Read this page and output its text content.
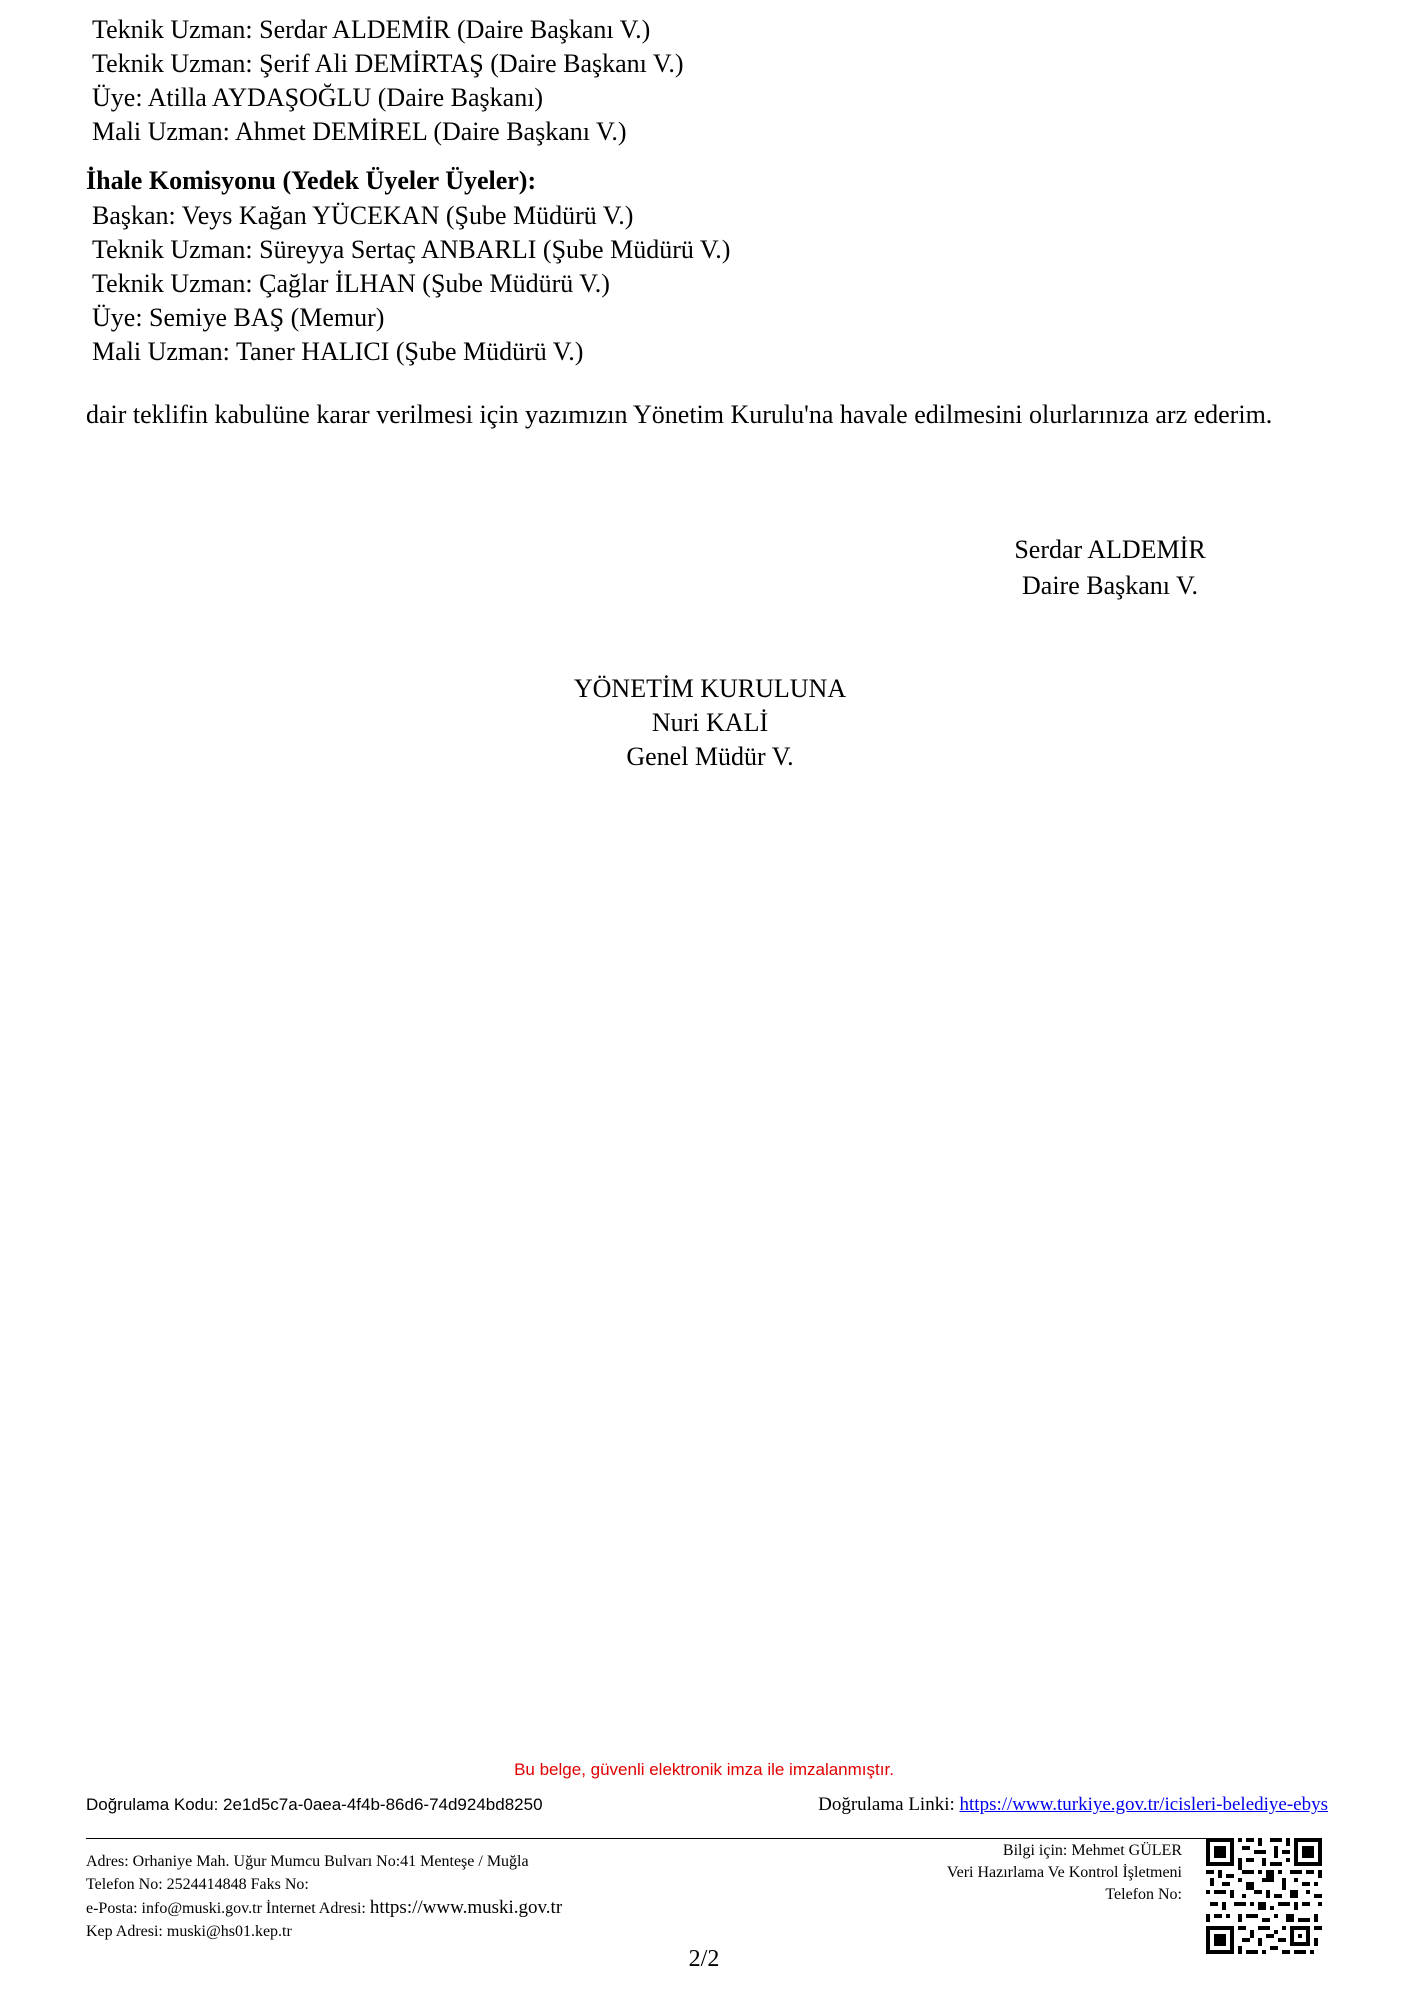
Teknik Uzman: Serdar ALDEMİR (Daire Başkanı V.)
Teknik Uzman: Şerif Ali DEMİRTAŞ (Daire Başkanı V.)
Üye: Atilla AYDAŞOĞLU (Daire Başkanı)
Mali Uzman: Ahmet DEMİREL (Daire Başkanı V.)
İhale Komisyonu (Yedek Üyeler Üyeler):
Başkan: Veys Kağan YÜCEKAN (Şube Müdürü V.)
Teknik Uzman: Süreyya Sertaç ANBARLI (Şube Müdürü V.)
Teknik Uzman: Çağlar İLHAN (Şube Müdürü V.)
Üye: Semiye BAŞ (Memur)
Mali Uzman: Taner HALICI (Şube Müdürü V.)
dair teklifin kabulüne karar verilmesi için yazımızın Yönetim Kurulu'na havale edilmesini olurlarınıza arz ederim.
Serdar ALDEMİR
Daire Başkanı V.
YÖNETİM KURULUNA
Nuri KALİ
Genel Müdür V.
Bu belge, güvenli elektronik imza ile imzalanmıştır.
Doğrulama Kodu: 2e1d5c7a-0aea-4f4b-86d6-74d924bd8250	Doğrulama Linki: https://www.turkiye.gov.tr/icisleri-belediye-ebys
Adres: Orhaniye Mah. Uğur Mumcu Bulvarı No:41 Menteşe / Muğla
Telefon No: 2524414848 Faks No:
e-Posta: info@muski.gov.tr İnternet Adresi: https://www.muski.gov.tr
Kep Adresi: muski@hs01.kep.tr
Bilgi için: Mehmet GÜLER
Veri Hazırlama Ve Kontrol İşletmeni
Telefon No:
2/2
